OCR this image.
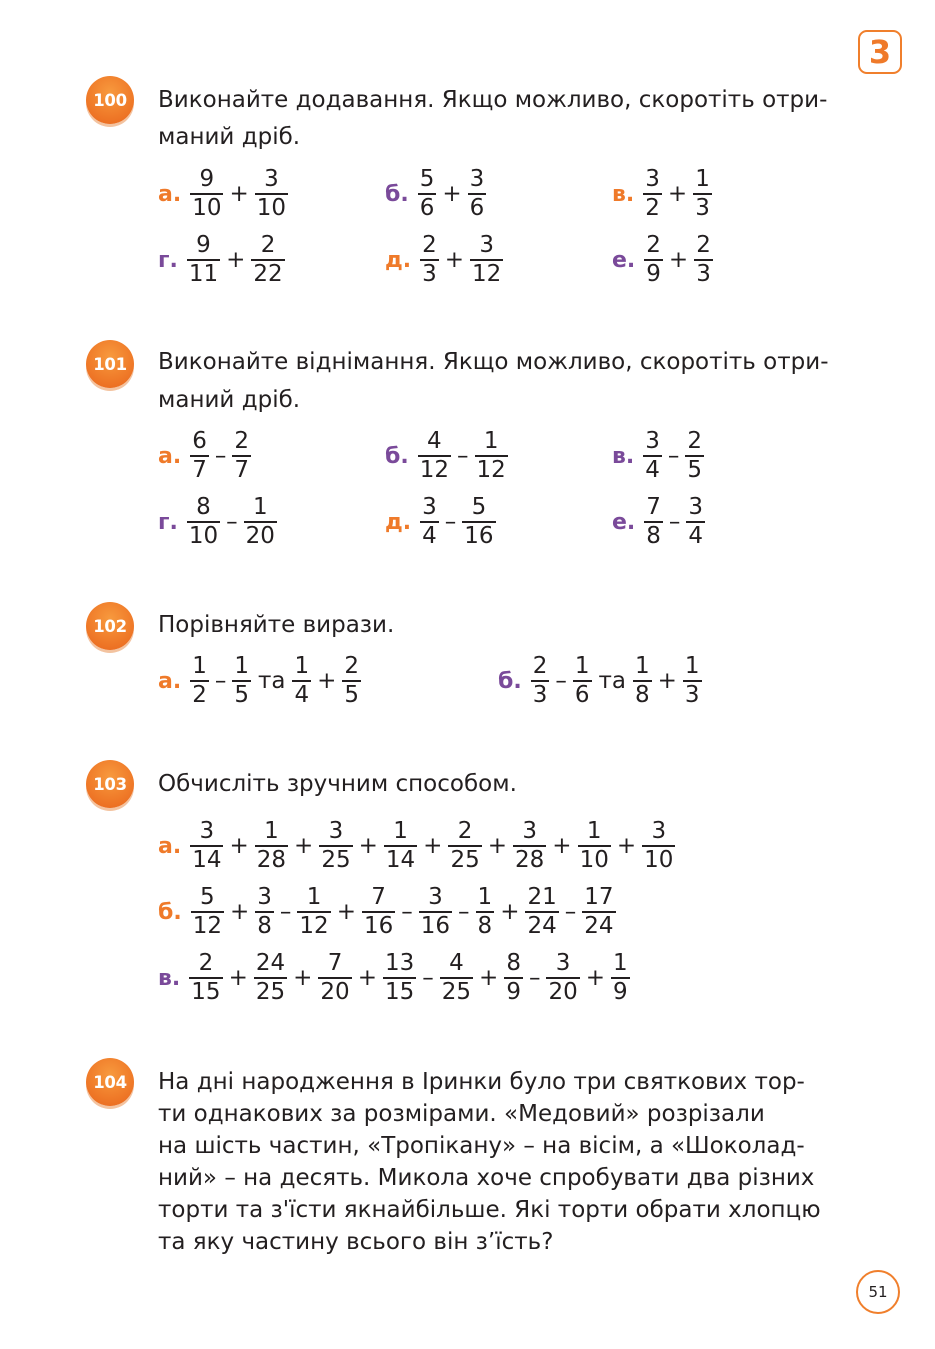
3
100	Виконайте додавання. Якщо можливо, скоротіть отри-
маний дріб.
а. $\frac{9}{10} + \frac{3}{10}$	б. $\frac{5}{6} + \frac{3}{6}$	в. $\frac{3}{2} + \frac{1}{3}$
г. $\frac{9}{11} + \frac{2}{22}$	д. $\frac{2}{3} + \frac{3}{12}$	е. $\frac{2}{9} + \frac{2}{3}$
101	Виконайте віднімання. Якщо можливо, скоротіть отри-
маний дріб.
а. $\frac{6}{7} - \frac{2}{7}$	б. $\frac{4}{12} - \frac{1}{12}$	в. $\frac{3}{4} - \frac{2}{5}$
г. $\frac{8}{10} - \frac{1}{20}$	д. $\frac{3}{4} - \frac{5}{16}$	е. $\frac{7}{8} - \frac{3}{4}$
102	Порівняйте вирази.
а. $\frac{1}{2} - \frac{1}{5}$ та $\frac{1}{4} + \frac{2}{5}$	б. $\frac{2}{3} - \frac{1}{6}$ та $\frac{1}{8} + \frac{1}{3}$
103	Обчисліть зручним способом.
а. $\frac{3}{14} + \frac{1}{28} + \frac{3}{25} + \frac{1}{14} + \frac{2}{25} + \frac{3}{28} + \frac{1}{10} + \frac{3}{10}$
б. $\frac{5}{12} + \frac{3}{8} - \frac{1}{12} + \frac{7}{16} - \frac{3}{16} - \frac{1}{8} + \frac{21}{24} - \frac{17}{24}$
в. $\frac{2}{15} + \frac{24}{25} + \frac{7}{20} + \frac{13}{15} - \frac{4}{25} + \frac{8}{9} - \frac{3}{20} + \frac{1}{9}$
104	На дні народження в Іринки було три святкових тор-
ти однакових за розмірами. «Медовий» розрізали
на шість частин, «Тропікану» – на вісім, а «Шоколад-
ний» – на десять. Микола хоче спробувати два різних
торти та з'їсти якнайбільше. Які торти обрати хлопцю
та яку частину всього він з’їсть?
51
